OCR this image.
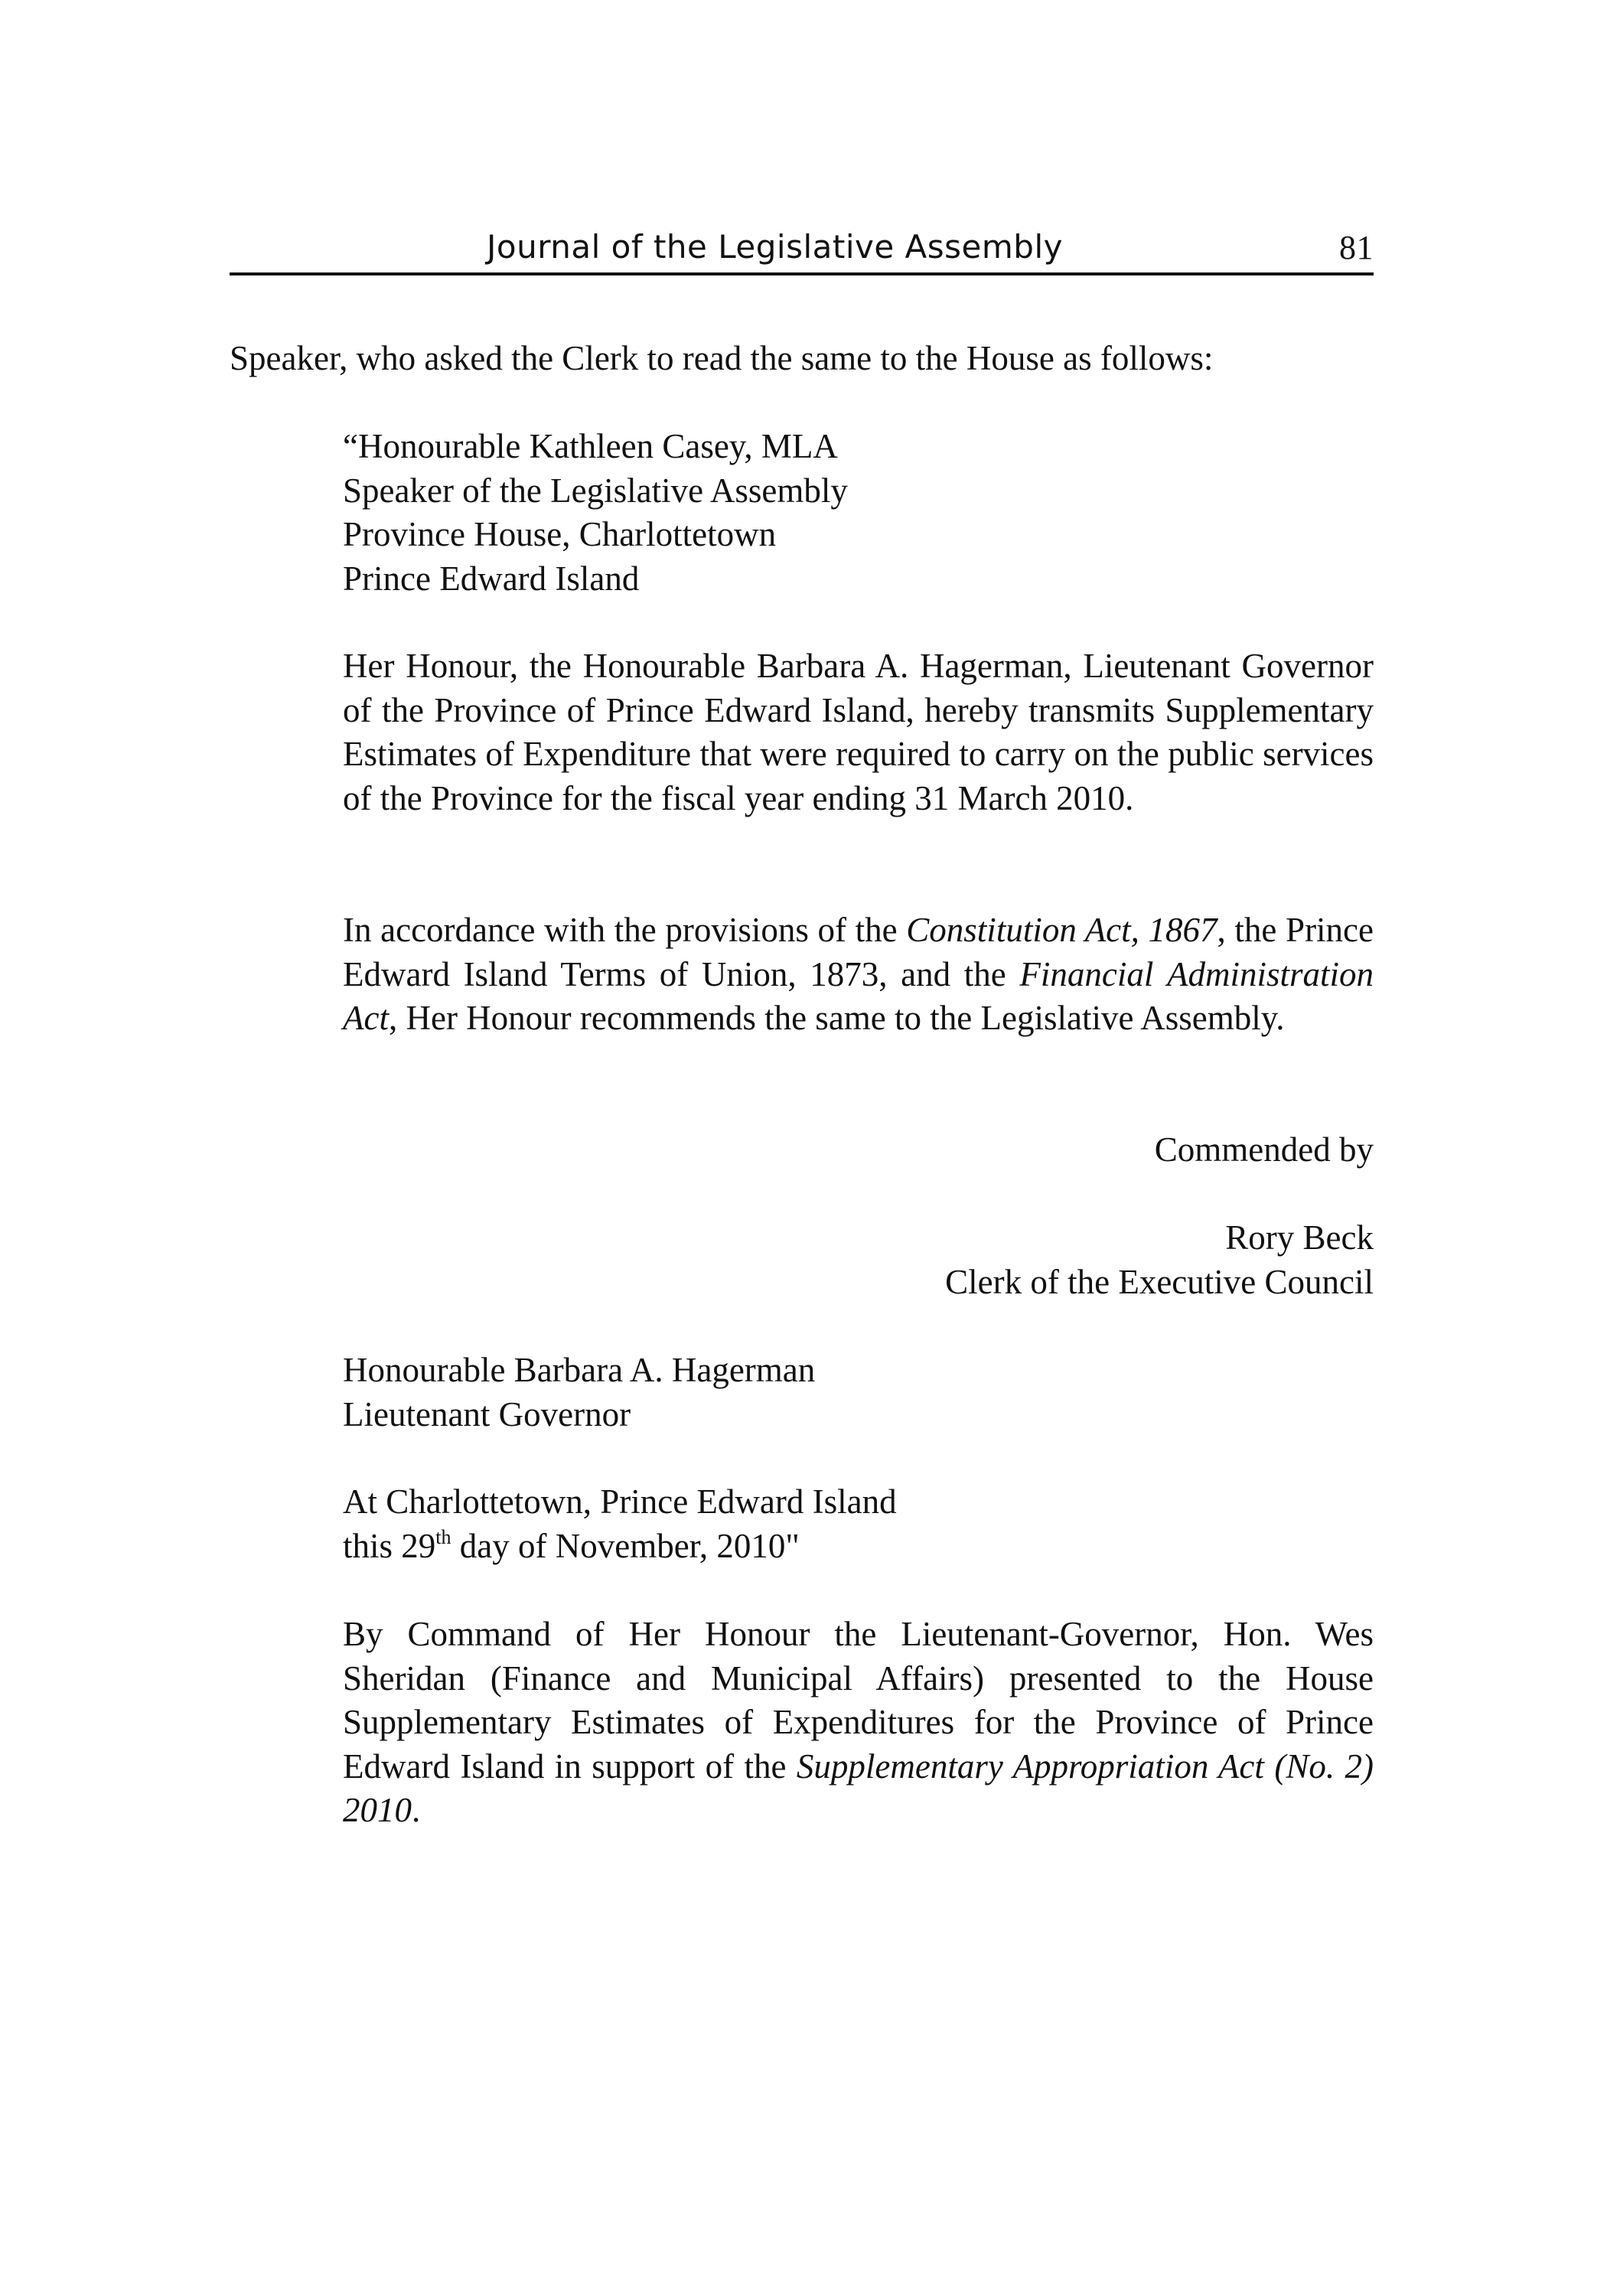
Journal of the Legislative Assembly	81

Speaker, who asked the Clerk to read the same to the House as follows:

“Honourable Kathleen Casey, MLA
Speaker of the Legislative Assembly
Province House, Charlottetown
Prince Edward Island
Her Honour, the Honourable Barbara A. Hagerman, Lieutenant Governor of the Province of Prince Edward Island, hereby transmits Supplementary Estimates of Expenditure that were required to carry on the public services of the Province for the fiscal year ending 31 March 2010.
In accordance with the provisions of the Constitution Act, 1867, the Prince Edward Island Terms of Union, 1873, and the Financial Administration Act, Her Honour recommends the same to the Legislative Assembly.
Commended by
Rory Beck
Clerk of the Executive Council
Honourable Barbara A. Hagerman
Lieutenant Governor
At Charlottetown, Prince Edward Island
this 29th day of November, 2010"
By Command of Her Honour the Lieutenant-Governor, Hon. Wes Sheridan (Finance and Municipal Affairs) presented to the House Supplementary Estimates of Expenditures for the Province of Prince Edward Island in support of the Supplementary Appropriation Act (No. 2) 2010.
